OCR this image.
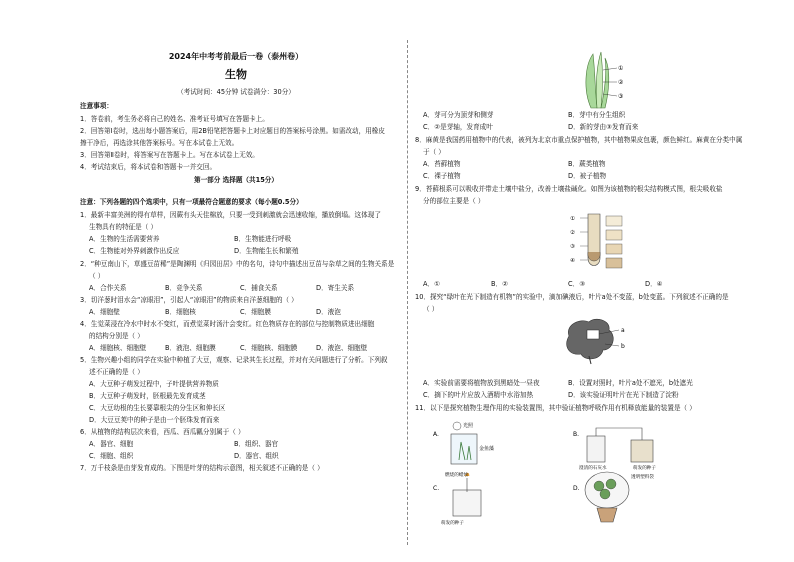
2024年中考考前最后一卷（泰州卷）
生物
（考试时间：45分钟 试卷满分：30分）
注意事项：
1．答卷前，考生务必将自己的姓名、准考证号填写在答题卡上。
2．回答第Ⅰ卷时，选出每小题答案后，用2B铅笔把答题卡上对应题目的答案标号涂黑。如需改动，用橡皮
擦干净后，再选涂其他答案标号。写在本试卷上无效。
3．回答第Ⅱ卷时，将答案写在答题卡上。写在本试卷上无效。
4．考试结束后，将本试卷和答题卡一并交回。
第一部分 选择题（共15分）
注意：下列各题的四个选项中，只有一项最符合题意的要求（每小题0.5分）
1．最新丰富美洲的得有草样，因蕨有头天佳棉放，只要一受到刺激就会迅速收缩，播放倒塌。这体现了
生物具有的特征是（ ）
A．生物的生活需要营养	B．生物能进行呼吸
C．生物能对外界刺激作出反应	D．生物能生长和繁殖
2．“种豆南山下，草盛豆苗稀”是陶渊明《归园田居》中的名句，诗句中描述出豆苗与杂草之间的生物关系是
（ ）
A．合作关系	B．竞争关系	C．捕食关系	D．寄生关系
3．切洋葱时泪水会“凉眼泪”，引起人“凉眼泪”的物质来自洋葱细胞的（ ）
A．细胞壁	B．细胞核	C．细胞膜	D．液泡
4．生觉菜浸在冷水中时水不变红，而煮觉菜时汤汁会变红。红色物质存在的部位与控制物质进出细胞
的结构分别是（ ）
A．细胞核、细胞壁	B．液泡、细胞膜	C．细胞核、细胞膜	D．液泡、细胞壁
5．生物兴趣小组的同学在实验中种植了大豆，观察、记录其生长过程，并对有关问题进行了分析。下列叙
述不正确的是（ ）
A．大豆种子萌发过程中，子叶提供营养物质
B．大豆种子萌发时，胚根最先发育成茎
C．大豆幼根的生长要靠根尖的分生区和伸长区
D．大豆豆荚中的种子是由一个胚珠发育而来
6．从植物的结构层次来看，西瓜、西瓜瓤分别属于（ ）
A．器官、细胞	B．组织、器官
C．细胞、组织	D．器官、组织
7．万千枝条是由芽发育成的。下图是叶芽的结构示意图，相关叙述不正确的是（ ）
①
②
③
A．芽可分为顶芽和侧芽	B．芽中有分生组织
C．②是芽轴，发育成叶	D．新的芽由③发育而来
8．麻黄是我国药用植物中的代表，被列为北京市重点保护植物，其中植物果皮包裹，颜色鲜红。麻黄在分类中属
于（ ）
A．苔藓植物	B．蕨类植物
C．裸子植物	D．被子植物
9．苔藓根系可以吸收并带走土壤中盐分，改善土壤盐碱化。如图为该植物的根尖结构模式图，根尖吸收盐
分的部位主要是（ ）
①
②
③
④
A．①	B．②	C．③	D．④
10．探究“绿叶在光下制造有机物”的实验中，滴加碘液后，叶片a处不变蓝，b处变蓝。下列叙述不正确的是
（ ）
a
b
A．实验前需要将植物放到黑暗处一昼夜	B．设置对照时，叶片a处不遮光，b处遮光
C．摘下的叶片应放入酒精中水浴加热	D．该实验证明叶片在光下制造了淀粉
11．以下是探究植物生理作用的实验装置图，其中验证植物呼吸作用有机释放能量的装置是（ ）
A.
光照
金鱼藻
B.
澄清的石灰水	萌发的种子
C.
燃烧的蜡烛
萌发的种子
D.
透明塑料袋
